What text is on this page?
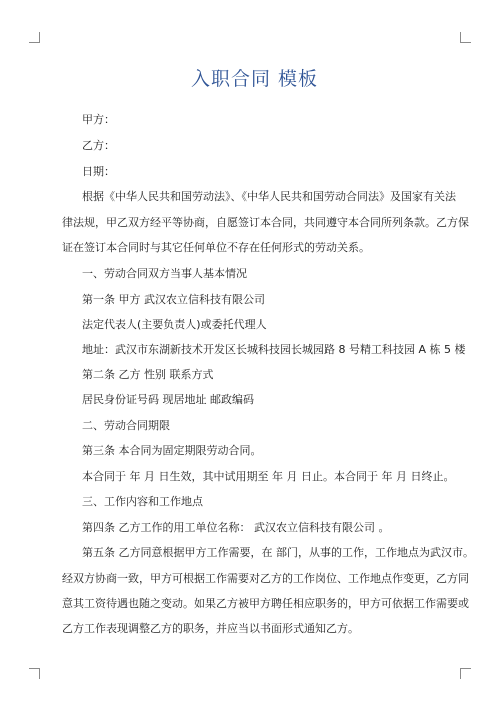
入职合同 模板
甲方：
乙方：
日期：
根据《中华人民共和国劳动法》、《中华人民共和国劳动合同法》及国家有关法
律法规，甲乙双方经平等协商，自愿签订本合同，共同遵守本合同所列条款。乙方保
证在签订本合同时与其它任何单位不存在任何形式的劳动关系。
一、劳动合同双方当事人基本情况
第一条 甲方 武汉农立信科技有限公司
法定代表人(主要负责人)或委托代理人
地址：武汉市东湖新技术开发区长城科技园长城园路 8 号精工科技园 A 栋 5 楼
第二条 乙方 性别 联系方式
居民身份证号码 现居地址 邮政编码
二、劳动合同期限
第三条 本合同为固定期限劳动合同。
本合同于 年 月 日生效，其中试用期至 年 月 日止。本合同于 年 月 日终止。
三、工作内容和工作地点
第四条 乙方工作的用工单位名称： 武汉农立信科技有限公司 。
第五条 乙方同意根据甲方工作需要，在 部门，从事的工作，工作地点为武汉市。
经双方协商一致，甲方可根据工作需要对乙方的工作岗位、工作地点作变更，乙方同
意其工资待遇也随之变动。如果乙方被甲方聘任相应职务的，甲方可依据工作需要或
乙方工作表现调整乙方的职务，并应当以书面形式通知乙方。
